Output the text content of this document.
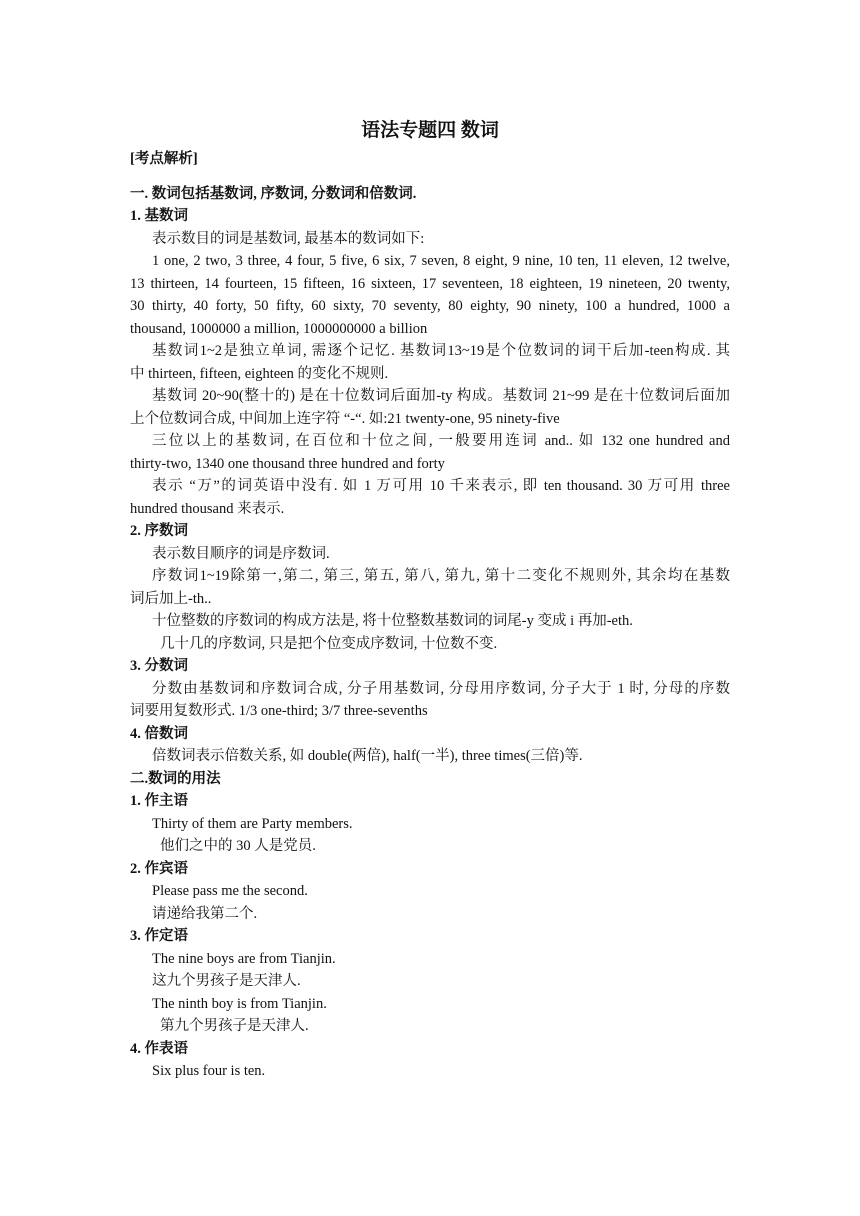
语法专题四 数词
[考点解析]
一. 数词包括基数词, 序数词, 分数词和倍数词.
1. 基数词
表示数目的词是基数词, 最基本的数词如下:
1 one, 2 two, 3 three, 4 four, 5 five, 6 six, 7 seven, 8 eight, 9 nine, 10 ten, 11 eleven, 12 twelve,
13 thirteen, 14 fourteen, 15 fifteen, 16 sixteen, 17 seventeen, 18 eighteen, 19 nineteen, 20 twenty,
30 thirty, 40 forty, 50 fifty, 60 sixty, 70 seventy, 80 eighty, 90 ninety, 100 a hundred, 1000 a
thousand, 1000000 a million, 1000000000 a billion
基数词1~2是独立单词, 需逐个记忆. 基数词13~19是个位数词的词干后加-teen构成. 其
中 thirteen, fifteen, eighteen 的变化不规则.
基数词 20~90(整十的) 是在十位数词后面加-ty 构成。基数词 21~99 是在十位数词后面加
上个位数词合成, 中间加上连字符 “-“. 如:21 twenty-one, 95 ninety-five
三位以上的基数词, 在百位和十位之间, 一般要用连词 and.. 如 132 one hundred and
thirty-two, 1340 one thousand three hundred and forty
表示 “万”的词英语中没有. 如 1 万可用 10 千来表示, 即 ten thousand. 30 万可用 three
hundred thousand 来表示.
2. 序数词
表示数目顺序的词是序数词.
序数词1~19除第一,第二, 第三, 第五, 第八, 第九, 第十二变化不规则外, 其余均在基数
词后加上-th..
十位整数的序数词的构成方法是, 将十位整数基数词的词尾-y 变成 i 再加-eth.
几十几的序数词, 只是把个位变成序数词, 十位数不变.
3. 分数词
分数由基数词和序数词合成, 分子用基数词, 分母用序数词, 分子大于 1 时, 分母的序数
词要用复数形式. 1/3 one-third; 3/7 three-sevenths
4. 倍数词
倍数词表示倍数关系, 如 double(两倍), half(一半), three times(三倍)等.
二.数词的用法
1. 作主语
Thirty of them are Party members.
他们之中的 30 人是党员.
2. 作宾语
Please pass me the second.
请递给我第二个.
3. 作定语
The nine boys are from Tianjin.
这九个男孩子是天津人.
The ninth boy is from Tianjin.
第九个男孩子是天津人.
4. 作表语
Six plus four is ten.
